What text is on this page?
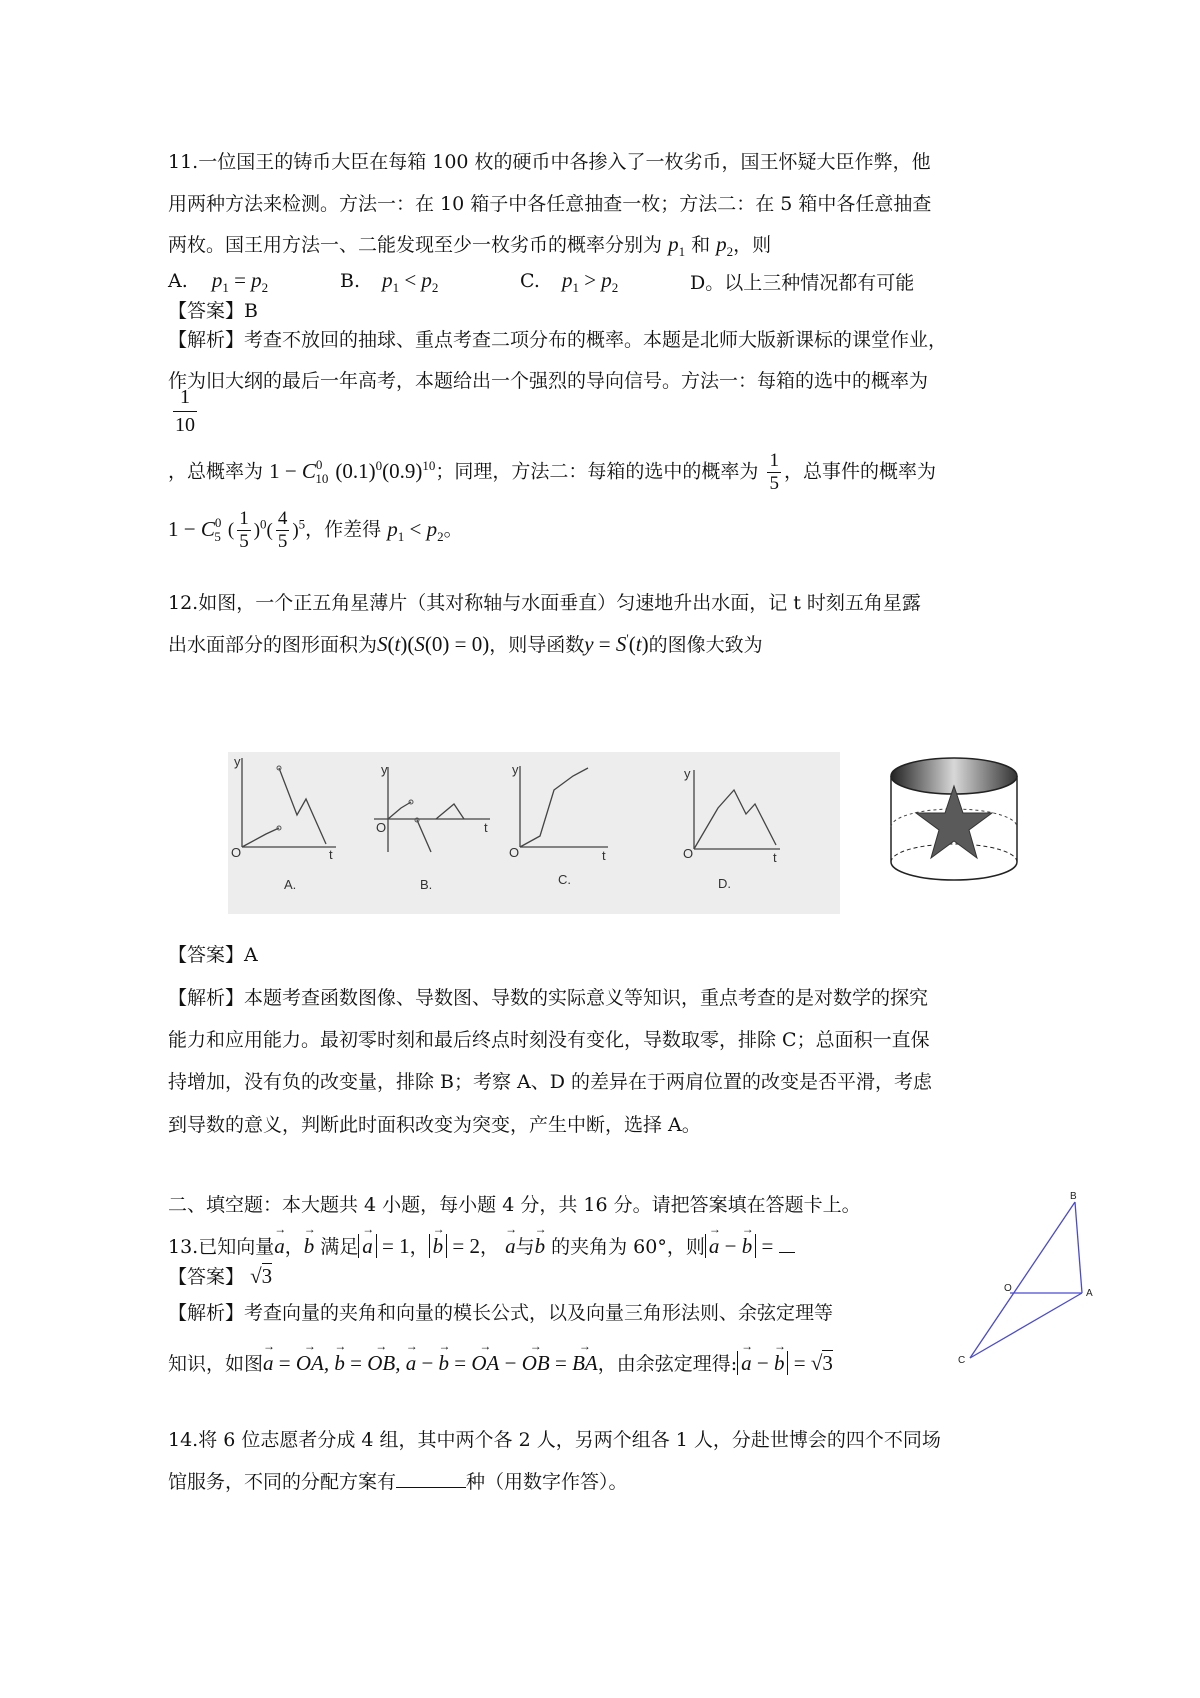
11.一位国王的铸币大臣在每箱 100 枚的硬币中各掺入了一枚劣币，国王怀疑大臣作弊，他
用两种方法来检测。方法一：在 10 箱子中各任意抽查一枚；方法二：在 5 箱中各任意抽查
两枚。国王用方法一、二能发现至少一枚劣币的概率分别为 $p_1$ 和 $p_2$，则
A. $p_1 = p_2$	B. $p_1 < p_2$	C. $p_1 > p_2$	D。以上三种情况都有可能
【答案】B
【解析】考查不放回的抽球、重点考查二项分布的概率。本题是北师大版新课标的课堂作业，
作为旧大纲的最后一年高考，本题给出一个强烈的导向信号。方法一：每箱的选中的概率为
$\frac{1}{10}$
，总概率为 $1 - C_{010}$ $(0.1)^0(0.9)^{10}$；同理，方法二：每箱的选中的概率为 $\frac{1}{5}$ ，总事件的概率为
$1 - C_{05}$ ( $\frac{1}{5} )^0( \frac{4}{5} )^5$，作差得 $p_1 < p_2$。
12.如图，一个正五角星薄片（其对称轴与水面垂直）匀速地升出水面，记 t 时刻五角星露
出水面部分的图形面积为S(t)(S(0) = 0)，则导函数y = S'(t)的图像大致为
y
O	t
A.
y
O	t
B.
y
O	t
C.
y
O	t
D.
【答案】A
【解析】本题考查函数图像、导数图、导数的实际意义等知识，重点考查的是对数学的探究
能力和应用能力。最初零时刻和最后终点时刻没有变化，导数取零，排除 C；总面积一直保
持增加，没有负的改变量，排除 B；考察 A、D 的差异在于两肩位置的改变是否平滑，考虑
到导数的意义，判断此时面积改变为突变，产生中断，选择 A。
二、填空题：本大题共 4 小题，每小题 4 分，共 16 分。请把答案填在答题卡上。
13.已知向量→ a，→ b 满足 → a = 1， → b = 2， → a与→ b 的夹角为 60°，则 → a − → b =
【答案】 √3
【解析】考查向量的夹角和向量的模长公式，以及向量三角形法则、余弦定理等
知识，如图→ a = → OA, → b = → OB, → a − → b = → OA − → OB = → BA，由余弦定理得: → a − → b = √3
B
O	A
C
14.将 6 位志愿者分成 4 组，其中两个各 2 人，另两个组各 1 人，分赴世博会的四个不同场
馆服务，不同的分配方案有	种（用数字作答）。
